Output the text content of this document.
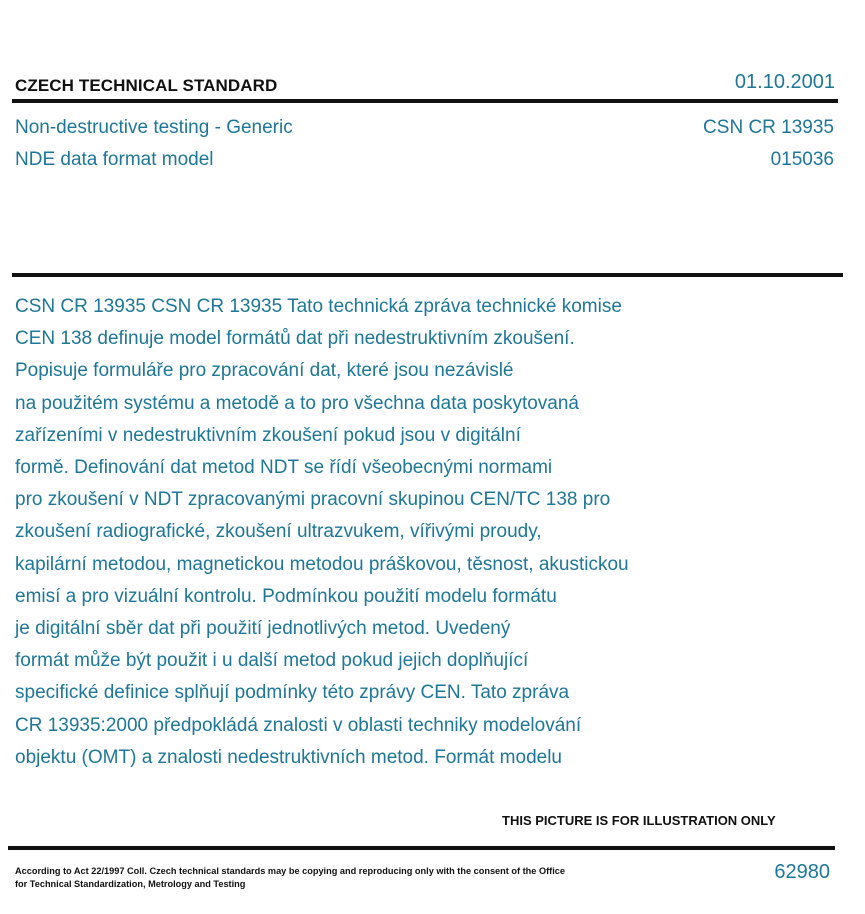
CZECH TECHNICAL STANDARD	01.10.2001
Non-destructive testing - Generic	CSN CR 13935
NDE data format model	015036
CSN CR 13935 CSN CR 13935 Tato technická zpráva technické komise
CEN 138 definuje model formátů dat při nedestruktivním zkoušení.
Popisuje formuláře pro zpracování dat, které jsou nezávislé
na použitém systému a metodě a to pro všechna data poskytovaná
zařízeními v nedestruktivním zkoušení pokud jsou v digitální
formě. Definování dat metod NDT se řídí všeobecnými normami
pro zkoušení v NDT zpracovanými pracovní skupinou CEN/TC 138 pro
zkoušení radiografické, zkoušení ultrazvukem, vířivými proudy,
kapilární metodou, magnetickou metodou práškovou, těsnost, akustickou
emisí a pro vizuální kontrolu. Podmínkou použití modelu formátu
je digitální sběr dat při použití jednotlivých metod. Uvedený
formát může být použit i u další metod pokud jejich doplňující
specifické definice splňují podmínky této zprávy CEN. Tato zpráva
CR 13935:2000 předpokládá znalosti v oblasti techniky modelování
objektu (OMT) a znalosti nedestruktivních metod. Formát modelu
THIS PICTURE IS FOR ILLUSTRATION ONLY
According to Act 22/1997 Coll. Czech technical standards may be copying and reproducing only with the consent of the Office
for Technical Standardization, Metrology and Testing
62980
